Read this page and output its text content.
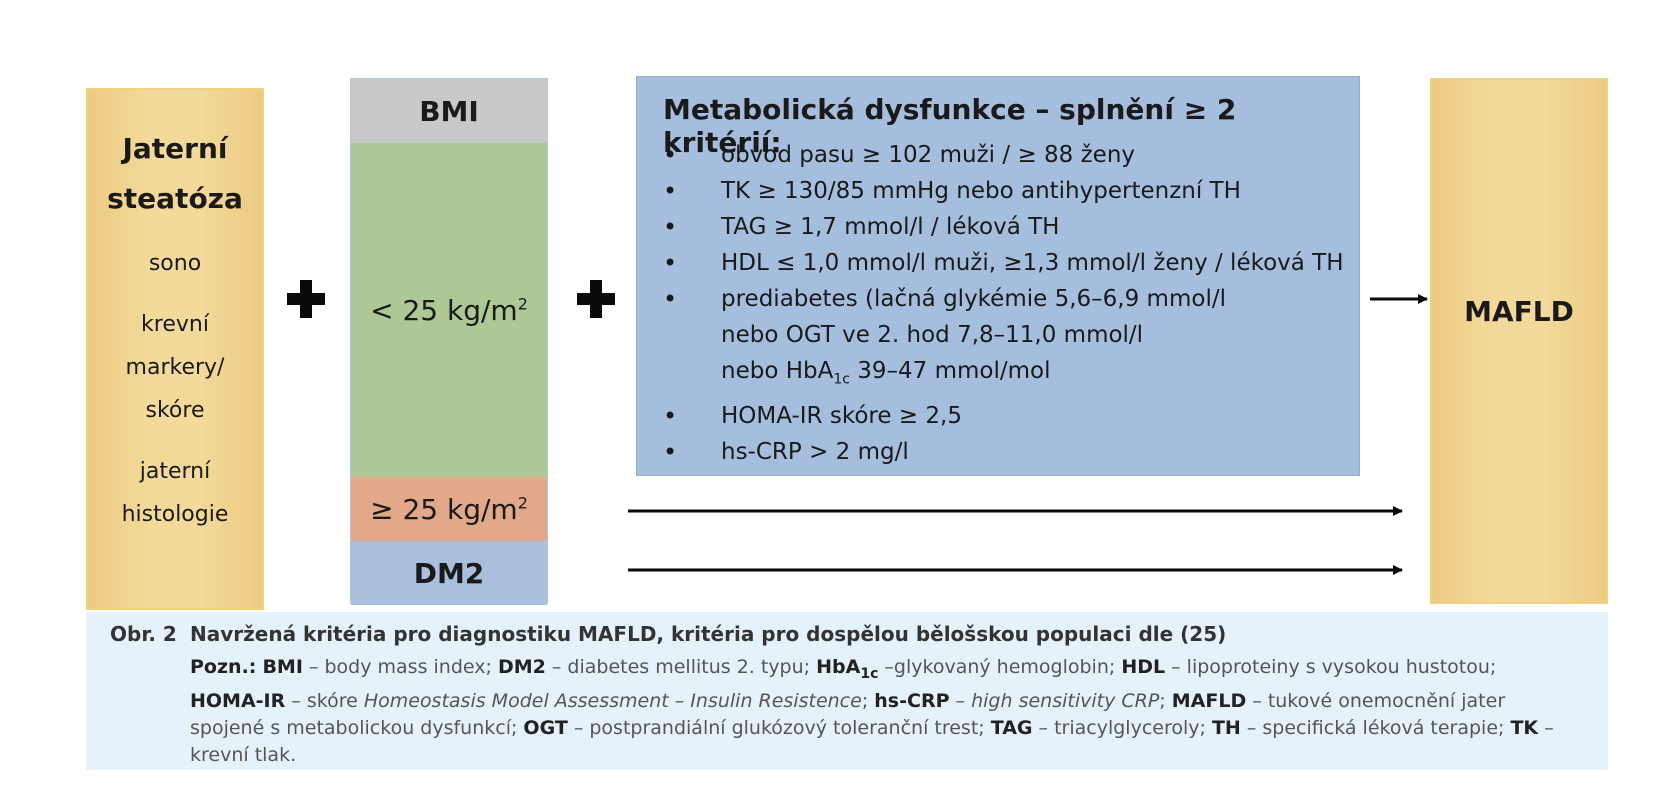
Jaterní
steatóza
sono
krevní
markery/
skóre
jaterní
histologie
BMI
< 25 $kg/m^2$
≥ 25 $kg/m^2$
DM2
Metabolická dysfunkce – splnění ≥ 2 kritérií:
• obvod pasu ≥ 102 muži / ≥ 88 ženy
• TK ≥ 130/85 mmHg nebo antihypertenzní TH
• TAG ≥ 1,7 mmol/l / léková TH
• HDL ≤ 1,0 mmol/l muži, ≥1,3 mmol/l ženy / léková TH
• prediabetes (lačná glykémie 5,6–6,9 mmol/l
nebo OGT ve 2. hod 7,8–11,0 mmol/l
nebo HbA$_{1c}$ 39–47 mmol/mol
• HOMA-IR skóre ≥ 2,5
• hs-CRP > 2 mg/l
MAFLD
Obr. 2 Navržená kritéria pro diagnostiku MAFLD, kritéria pro dospělou bělošskou populaci dle (25)
Pozn.: BMI – body mass index; DM2 – diabetes mellitus 2. typu; HbA$_{1c}$ –glykovaný hemoglobin; HDL – lipoproteiny s vysokou hustotou; HOMA-IR – skóre Homeostasis Model Assessment – Insulin Resistence; hs-CRP – high sensitivity CRP; MAFLD – tukové onemocnění jater spojené s metabolickou dysfunkcí; OGT – postprandiální glukózový toleranční trest; TAG – triacylglyceroly; TH – specifická léková terapie; TK – krevní tlak.
